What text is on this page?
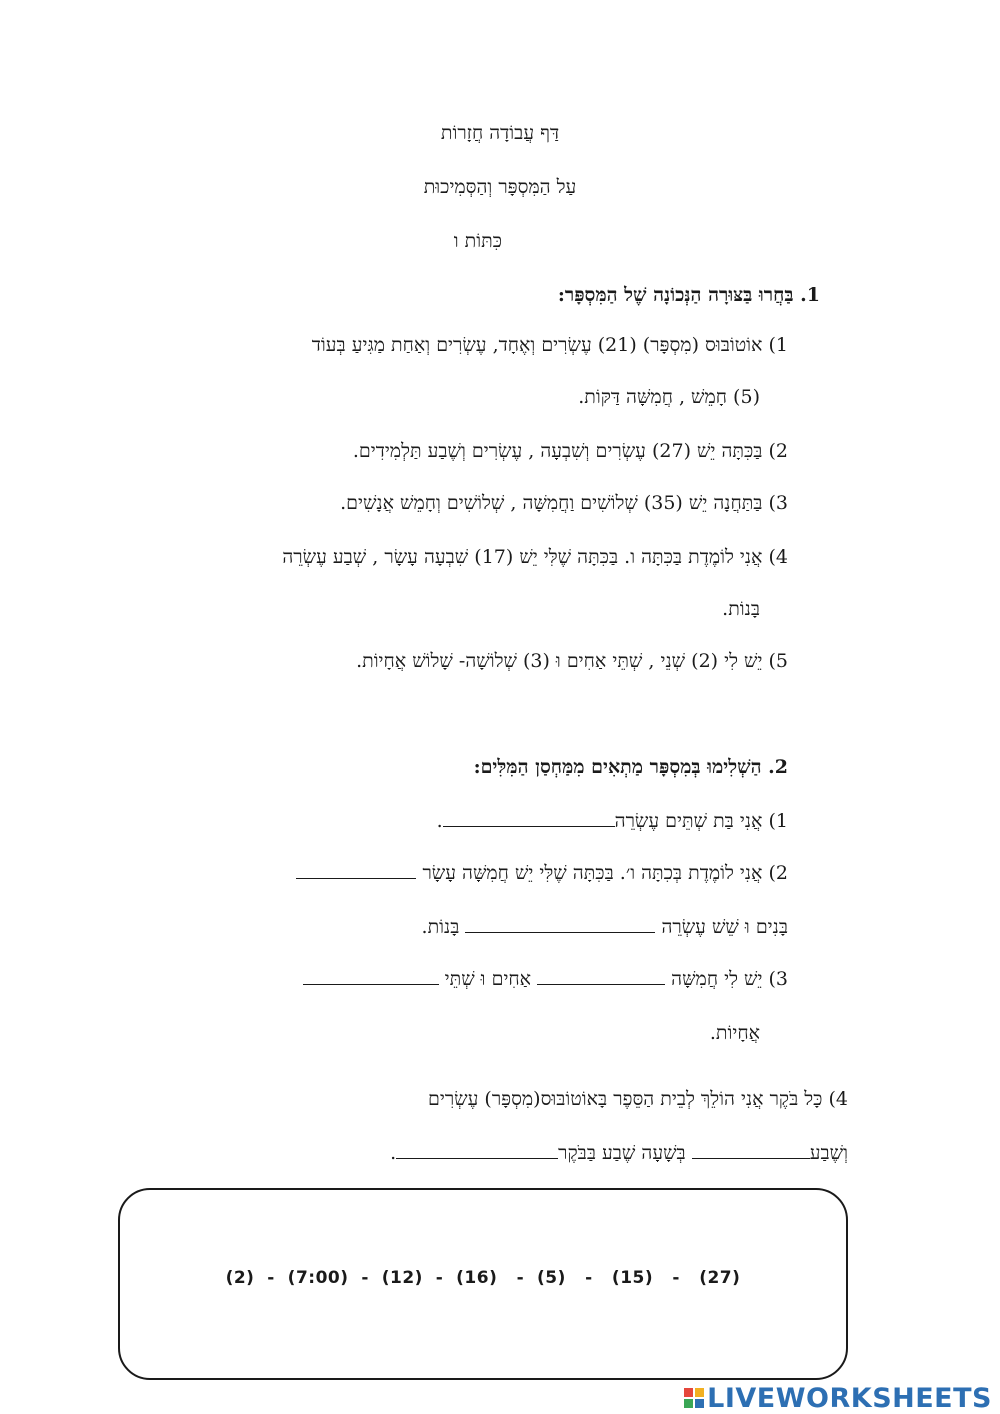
דַּף עֲבוֹדָה חֲזָרוֹת
עַל הַמִּסְפָּר וְהַסְּמִיכוּת
כִּתּוֹת ו
1. בַּחֲרוּ בַּצּוּרָה הַנְּכוֹנָה שֶׁל הַמִּסְפָּר:
1) אוֹטוֹבּוּס (מִסְפָּר) (21) עֶשְׂרִים וְאֶחָד, עֶשְׂרִים וְאַחַת מַגִּיעַ בְּעוֹד
(5) חָמֵשׁ , חֲמִשָּׁה דַּקּוֹת.
2) בַּכִּתָּה יֵשׁ (27) עֶשְׂרִים וְשִׁבְעָה , עֶשְׂרִים וְשֶׁבַע תַּלְמִידִים.
3) בַּתַּחֲנָה יֵשׁ (35) שְׁלוֹשִׁים וַחֲמִשָּׁה , שְׁלוֹשִׁים וְחָמֵשׁ אֲנָשִׁים.
4) אֲנִי לוֹמֶדֶת בַּכִּתָּה ו. בַּכִּתָּה שֶׁלִּי יֵשׁ (17) שִׁבְעָה עָשָׂר , שְׁבַע עֶשְׂרֵה
בָּנוֹת.
5) יֵשׁ לִי (2) שְׁנֵי , שְׁתֵּי אַחִים וּ (3) שְׁלוֹשָׁה- שָׁלוֹשׁ אֲחָיוֹת.
2. הַשְׁלִימוּ בְּמִסְפָּר מַתְאִים מִמַּחְסַן הַמִּלִּים:
1) אֲנִי בַּת שְׁתֵּים עֶשְׂרֵה.
2) אֲנִי לוֹמֶדֶת בְּכִתָּה ו׳. בַּכִּתָּה שֶׁלִּי יֵשׁ חֲמִשָּׁה עָשָׂר
בָּנִים וּ שֵׁשׁ עֶשְׂרֵה  בָּנוֹת.
3) יֵשׁ לִי חֲמִשָּׁה  אַחִים וּ שְׁתֵּי
אֲחָיוֹת.
4) כָּל בֹּקֶר אֲנִי הוֹלֵךְ לְבֵית הַסֵּפֶר בָּאוֹטוֹבּוּס(מִסְפָּר) עֶשְׂרִים
וְשֶׁבַע בְּשָׁעָה שֶׁבַע בַּבֹּקֶר.
(2)  -  (7:00)  -  (12)  -  (16)   -  (5)   -   (15)   -   (27)
LIVEWORKSHEETS
